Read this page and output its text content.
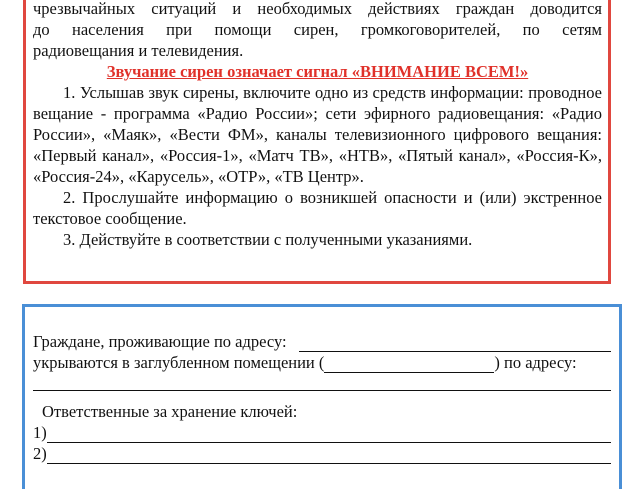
чрезвычайных ситуаций и необходимых действиях граждан доводится

до населения при помощи сирен, громкоговорителей, по сетям

радиовещания и телевидения.

Звучание сирен означает сигнал «ВНИМАНИЕ ВСЕМ!»

1. Услышав звук сирены, включите одно из средств информации: проводное вещание - программа «Радио России»; сети эфирного радиовещания: «Радио России», «Маяк», «Вести ФМ», каналы телевизионного цифрового вещания: «Первый канал», «Россия-1», «Матч ТВ», «НТВ», «Пятый канал», «Россия-К», «Россия-24», «Карусель», «ОТР», «ТВ Центр».

2. Прослушайте информацию о возникшей опасности и (или) экстренное текстовое сообщение.

3. Действуйте в соответствии с полученными указаниями.

Граждане, проживающие по адресу:
укрываются в заглубленном помещении (	) по адресу:
Ответственные за хранение ключей:
1)
2)
